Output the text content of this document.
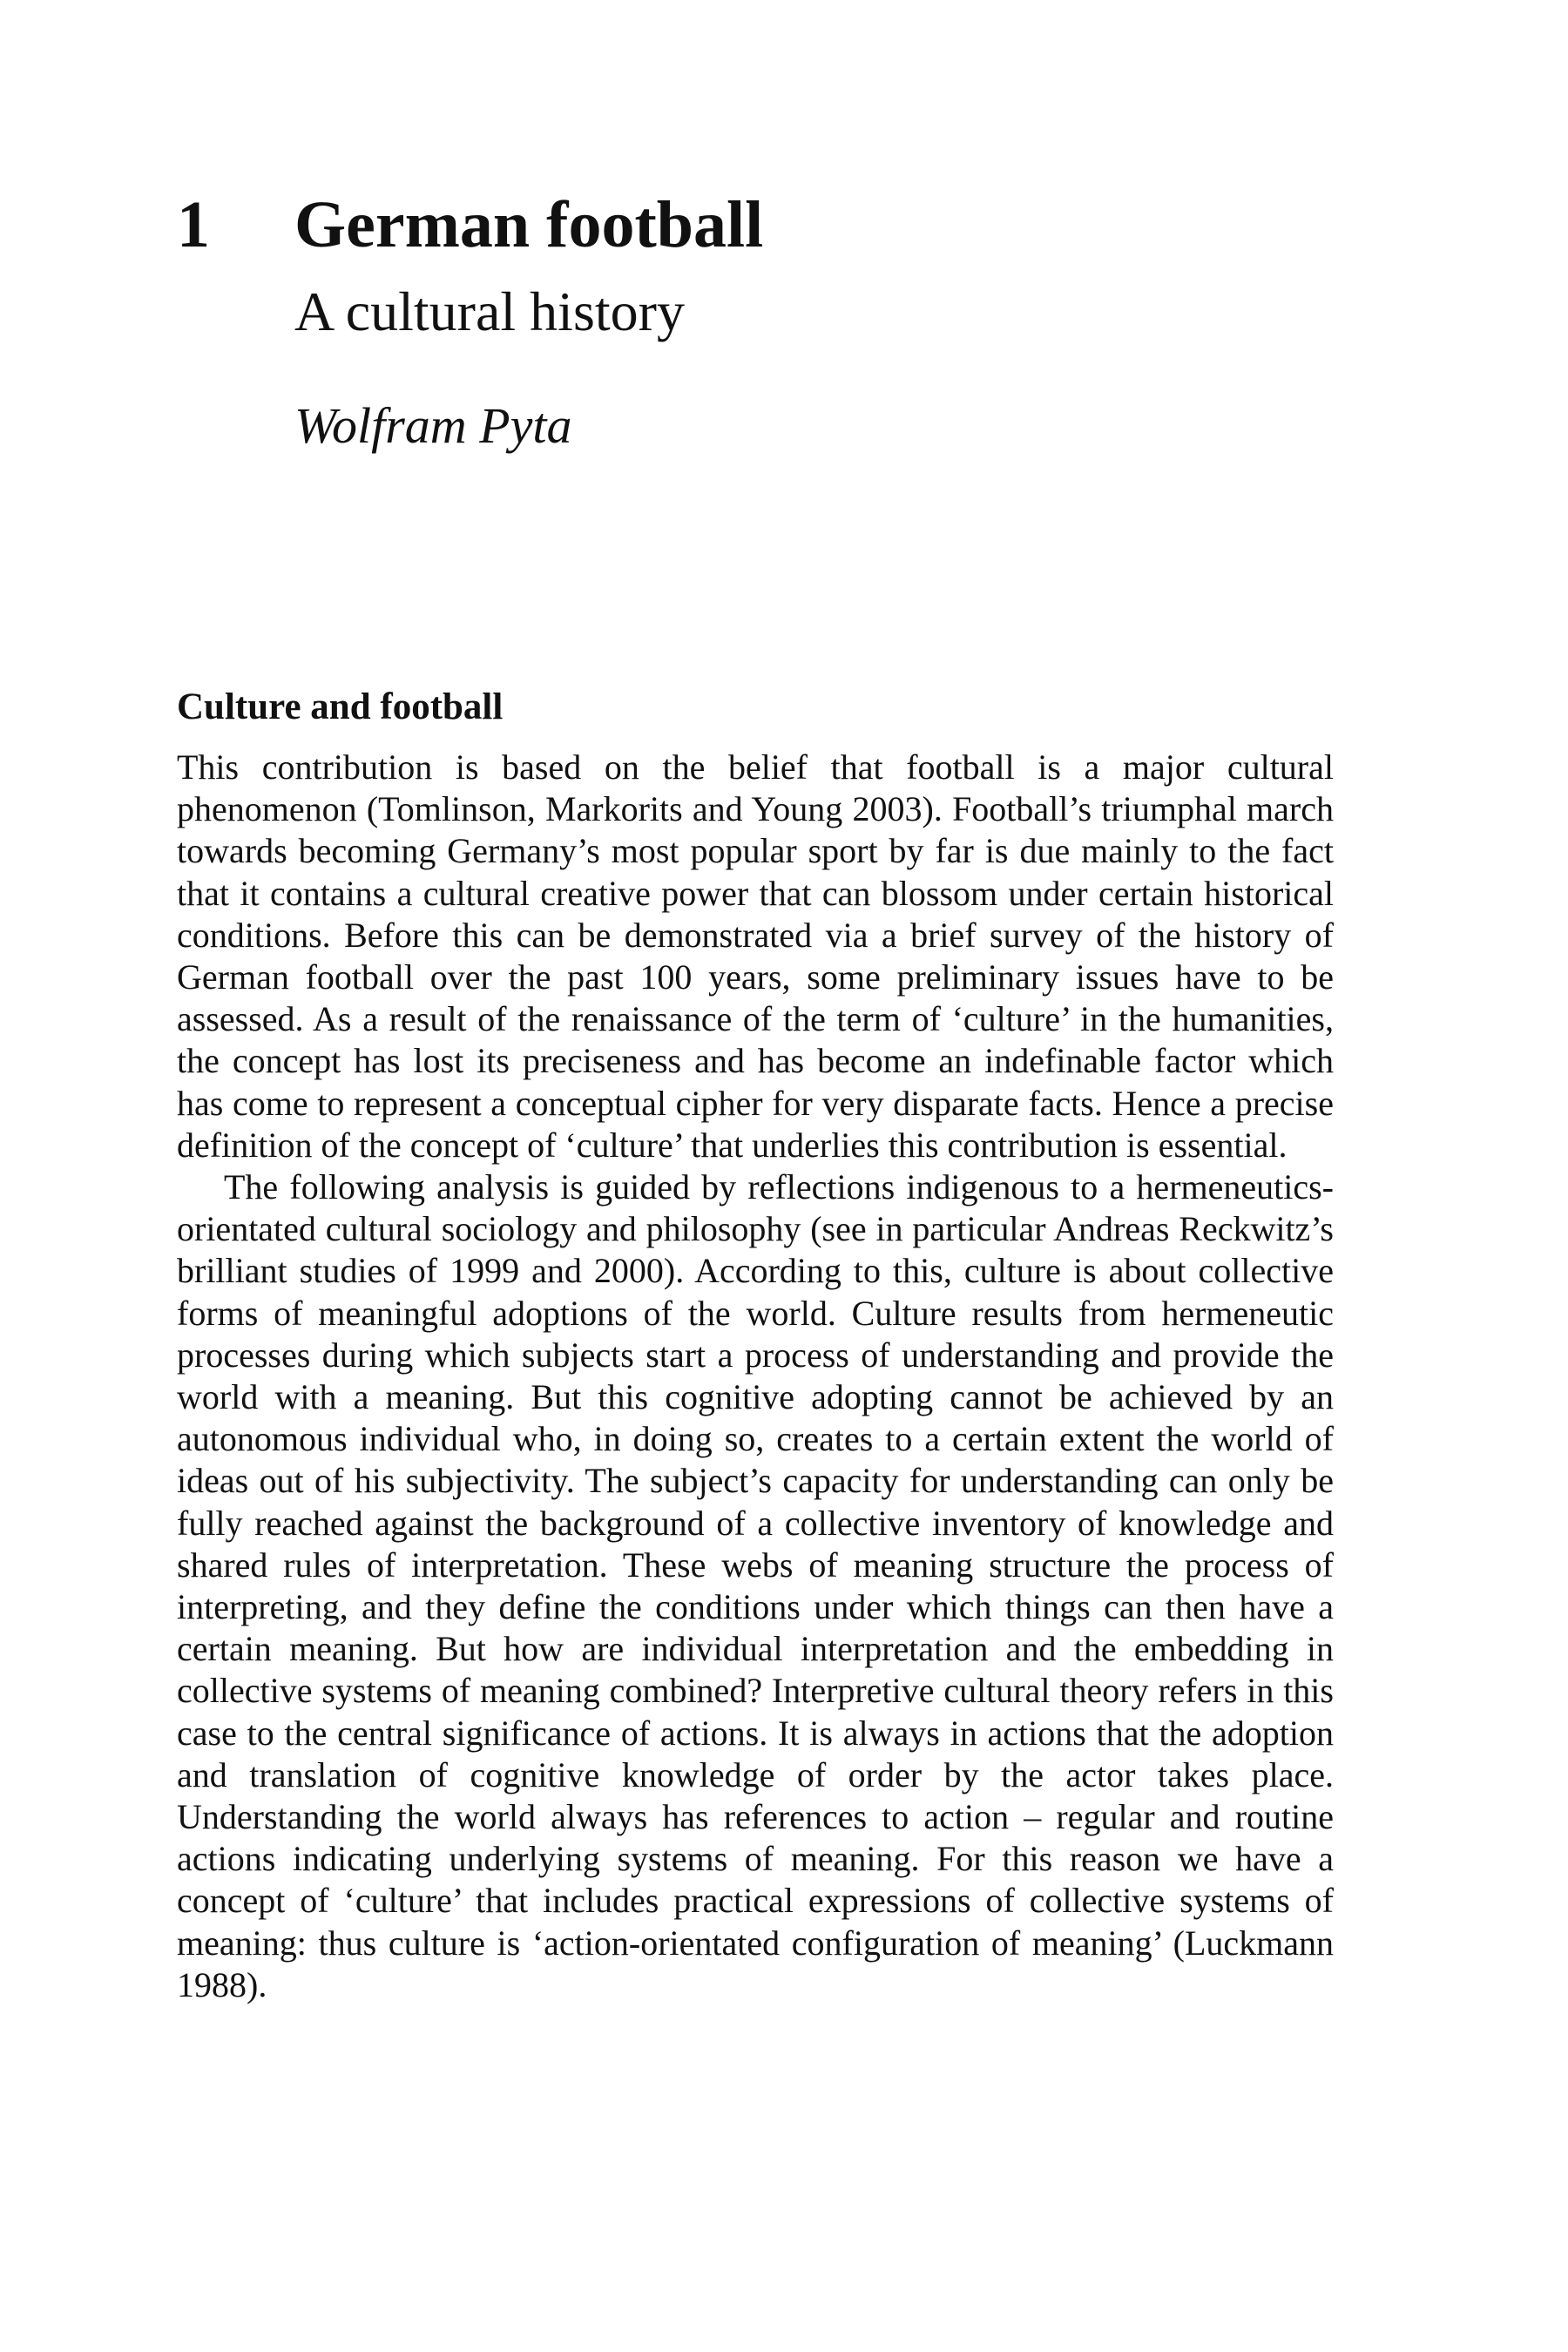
1 German football
A cultural history
Wolfram Pyta
Culture and football

This contribution is based on the belief that football is a major cultural phenomenon (Tomlinson, Markorits and Young 2003). Football’s triumphal march towards becoming Germany’s most popular sport by far is due mainly to the fact that it contains a cultural creative power that can blossom under certain historical conditions. Before this can be demonstrated via a brief survey of the history of German football over the past 100 years, some preliminary issues have to be assessed. As a result of the renaissance of the term of ‘culture’ in the humanities, the concept has lost its preciseness and has become an indefinable factor which has come to represent a conceptual cipher for very disparate facts. Hence a precise definition of the concept of ‘culture’ that underlies this contribution is essential.

The following analysis is guided by reflections indigenous to a hermeneutics-orientated cultural sociology and philosophy (see in particular Andreas Reckwitz’s brilliant studies of 1999 and 2000). According to this, culture is about collective forms of meaningful adoptions of the world. Culture results from hermeneutic processes during which subjects start a process of understanding and provide the world with a meaning. But this cognitive adopting cannot be achieved by an autonomous individual who, in doing so, creates to a certain extent the world of ideas out of his subjectivity. The subject’s capacity for understanding can only be fully reached against the background of a collective inventory of knowledge and shared rules of interpretation. These webs of meaning structure the process of interpreting, and they define the conditions under which things can then have a certain meaning. But how are individual interpretation and the embedding in collective systems of meaning combined? Interpretive cultural theory refers in this case to the central significance of actions. It is always in actions that the adoption and translation of cognitive knowledge of order by the actor takes place. Understanding the world always has references to action – regular and routine actions indicating underlying systems of meaning. For this reason we have a concept of ‘culture’ that includes practical expressions of collective systems of meaning: thus culture is ‘action-orientated configuration of meaning’ (Luckmann 1988).
